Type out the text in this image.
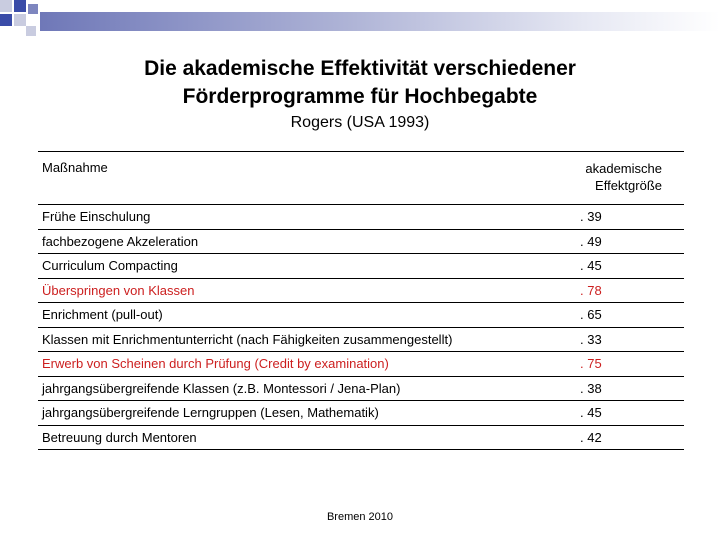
Die akademische Effektivität verschiedener
Förderprogramme für Hochbegabte
Rogers (USA 1993)
Maßnahme	akademische
Effektgröße
Frühe Einschulung	. 39
fachbezogene Akzeleration	. 49
Curriculum Compacting	. 45
Überspringen von Klassen	. 78
Enrichment (pull-out)	. 65
Klassen mit Enrichmentunterricht (nach Fähigkeiten zusammengestellt)	. 33
Erwerb von Scheinen durch Prüfung (Credit by examination)	. 75
jahrgangsübergreifende Klassen (z.B. Montessori / Jena-Plan)	. 38
jahrgangsübergreifende Lerngruppen (Lesen, Mathematik)	. 45
Betreuung durch Mentoren	. 42
Bremen 2010
